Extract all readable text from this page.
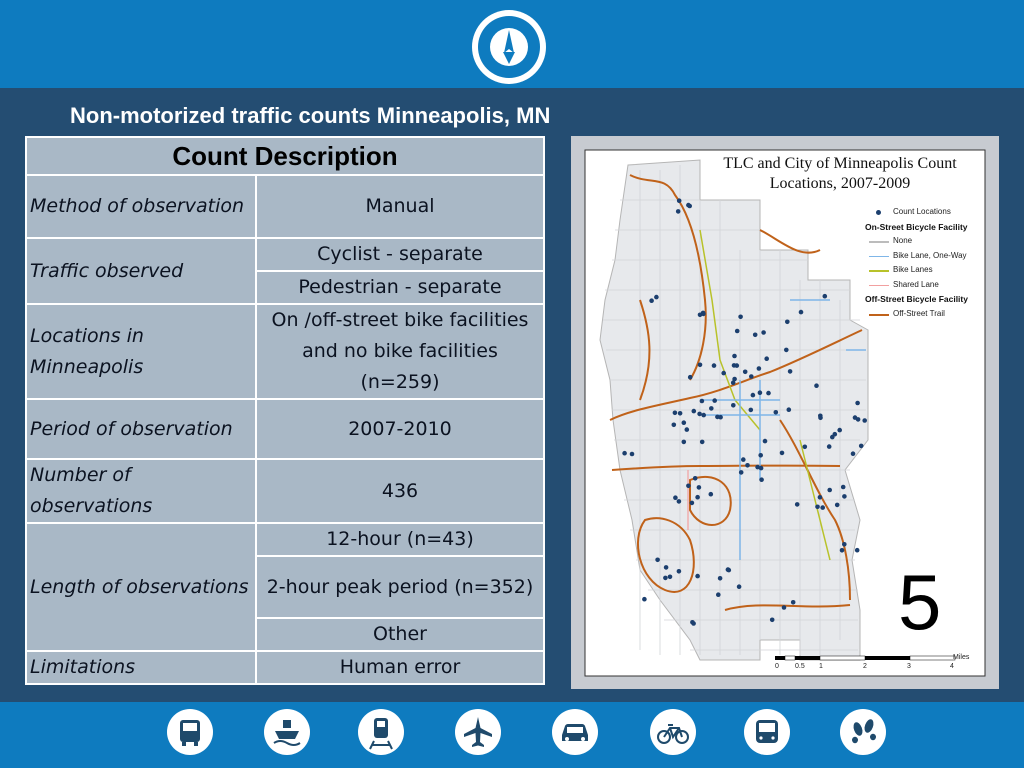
Non-motorized traffic counts Minneapolis, MN
Count Description	
Method of observation	Manual
Traffic observed	Cyclist - separate
	Pedestrian - separate
Locations in Minneapolis	On /off-street bike facilities and no bike facilities (n=259)
Period of observation	2007-2010
Number of observations	436
Length of observations	12-hour (n=43)
	2-hour peak period (n=352)
	Other
Limitations	Human error
TLC and City of Minneapolis Count Locations, 2007-2009
Count Locations
On-Street Bicycle Facility
None
Bike Lane, One-Way
Bike Lanes
Shared Lane
Off-Street Bicycle Facility
Off-Street Trail
Miles
0 0.5 1	2	3	4
5
